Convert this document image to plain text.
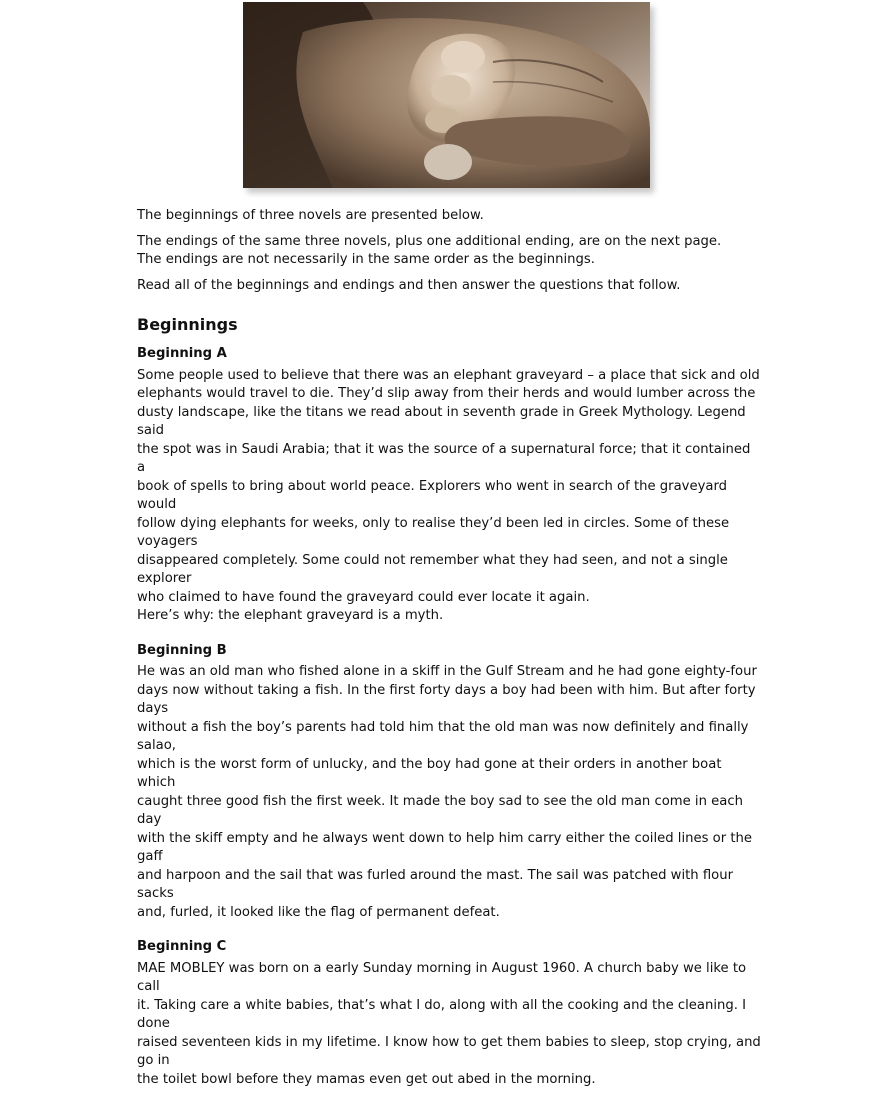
The beginnings of three novels are presented below.

The endings of the same three novels, plus one additional ending, are on the next page.

The endings are not necessarily in the same order as the beginnings.

Read all of the beginnings and endings and then answer the questions that follow.

Beginnings
Beginning A

Some people used to believe that there was an elephant graveyard – a place that sick and old

elephants would travel to die. They’d slip away from their herds and would lumber across the

dusty landscape, like the titans we read about in seventh grade in Greek Mythology. Legend said

the spot was in Saudi Arabia; that it was the source of a supernatural force; that it contained a

book of spells to bring about world peace. Explorers who went in search of the graveyard would

follow dying elephants for weeks, only to realise they’d been led in circles. Some of these voyagers

disappeared completely. Some could not remember what they had seen, and not a single explorer

who claimed to have found the graveyard could ever locate it again.

Here’s why: the elephant graveyard is a myth.

Beginning B

He was an old man who fished alone in a skiff in the Gulf Stream and he had gone eighty-four

days now without taking a fish. In the first forty days a boy had been with him. But after forty days

without a fish the boy’s parents had told him that the old man was now definitely and finally salao,

which is the worst form of unlucky, and the boy had gone at their orders in another boat which

caught three good fish the first week. It made the boy sad to see the old man come in each day

with the skiff empty and he always went down to help him carry either the coiled lines or the gaff

and harpoon and the sail that was furled around the mast. The sail was patched with flour sacks

and, furled, it looked like the flag of permanent defeat.

Beginning C

MAE MOBLEY was born on a early Sunday morning in August 1960. A church baby we like to call

it. Taking care a white babies, that’s what I do, along with all the cooking and the cleaning. I done

raised seventeen kids in my lifetime. I know how to get them babies to sleep, stop crying, and go in

the toilet bowl before they mamas even get out abed in the morning.
